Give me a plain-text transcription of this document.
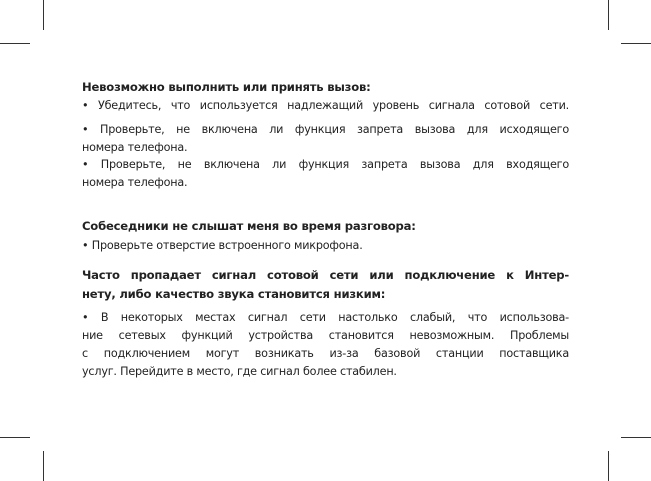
Невозможно выполнить или принять вызов:
• Убедитесь, что используется надлежащий уровень сигнала сотовой сети.
• Проверьте, не включена ли функция запрета вызова для исходящего
номера телефона.
• Проверьте, не включена ли функция запрета вызова для входящего
номера телефона.
Собеседники не слышат меня во время разговора:
• Проверьте отверстие встроенного микрофона.
Часто пропадает сигнал сотовой сети или подключение к Интер-
нету, либо качество звука становится низким:
• В некоторых местах сигнал сети настолько слабый, что использова-
ние сетевых функций устройства становится невозможным. Проблемы
с подключением могут возникать из-за базовой станции поставщика
услуг. Перейдите в место, где сигнал более стабилен.
